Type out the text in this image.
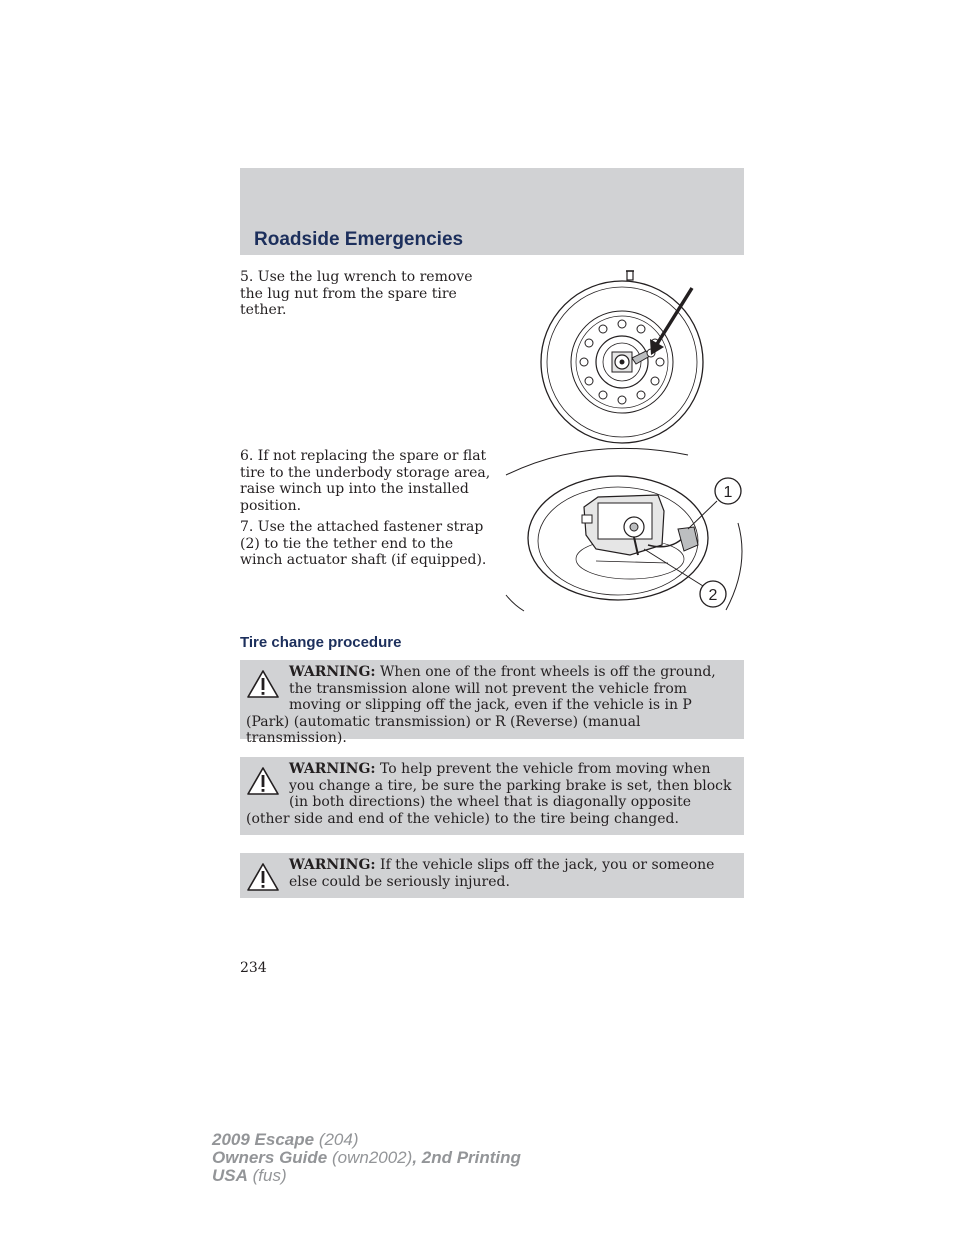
Roadside Emergencies

5. Use the lug wrench to remove the lug nut from the spare tire tether.

6. If not replacing the spare or flat tire to the underbody storage area, raise winch up into the installed position.

7. Use the attached fastener strap (2) to tie the tether end to the winch actuator shaft (if equipped).

1
2
Tire change procedure
WARNING: When one of the front wheels is off the ground, the transmission alone will not prevent the vehicle from moving or slipping off the jack, even if the vehicle is in P (Park) (automatic transmission) or R (Reverse) (manual transmission).
WARNING: To help prevent the vehicle from moving when you change a tire, be sure the parking brake is set, then block (in both directions) the wheel that is diagonally opposite (other side and end of the vehicle) to the tire being changed.
WARNING: If the vehicle slips off the jack, you or someone else could be seriously injured.
234
2009 Escape (204)
Owners Guide (own2002), 2nd Printing
USA (fus)
